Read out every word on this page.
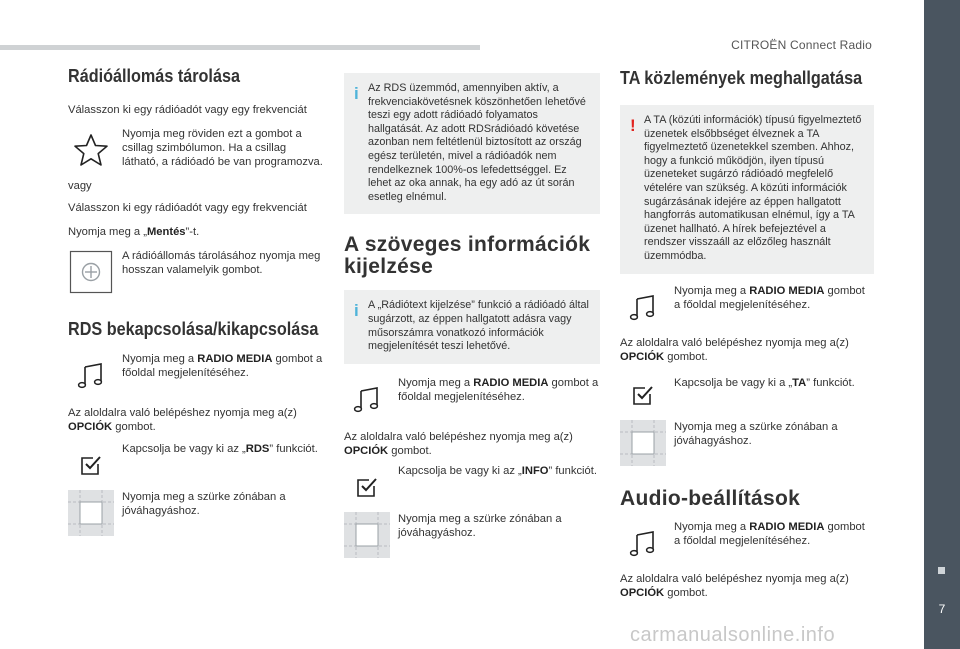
CITROËN Connect Radio
7
Rádióállomás tárolása

Válasszon ki egy rádióadót vagy egy frekvenciát

Nyomja meg röviden ezt a gombot a csillag szimbólumon. Ha a csillag látható, a rádióadó be van programozva.

vagy

Válasszon ki egy rádióadót vagy egy frekvenciát

Nyomja meg a „Mentés”-t.

A rádióállomás tárolásához nyomja meg hosszan valamelyik gombot.

RDS bekapcsolása/kikapcsolása

Nyomja meg a RADIO MEDIA gombot a főoldal megjelenítéséhez.

Az aloldalra való belépéshez nyomja meg a(z) OPCIÓK gombot.

Kapcsolja be vagy ki az „RDS” funkciót.

Nyomja meg a szürke zónában a jóváhagyáshoz.

i Az RDS üzemmód, amennyiben aktív, a frekvenciakövetésnek köszönhetően lehetővé teszi egy adott rádióadó folyamatos hallgatását. Az adott RDSrádióadó követése azonban nem feltétlenül biztosított az ország egész területén, mivel a rádióadók nem rendelkeznek 100%-os lefedettséggel. Ez lehet az oka annak, ha egy adó az út során esetleg elnémul.

A szöveges információk kijelzése
i A „Rádiótext kijelzése” funkció a rádióadó által sugárzott, az éppen hallgatott adásra vagy műsorszámra vonatkozó információk megjelenítését teszi lehetővé.

Nyomja meg a RADIO MEDIA gombot a főoldal megjelenítéséhez.

Az aloldalra való belépéshez nyomja meg a(z) OPCIÓK gombot.

Kapcsolja be vagy ki az „INFO” funkciót.

Nyomja meg a szürke zónában a jóváhagyáshoz.

TA közlemények meghallgatása
! A TA (közúti információk) típusú figyelmeztető üzenetek elsőbbséget élveznek a TA figyelmeztető üzenetekkel szemben. Ahhoz, hogy a funkció működjön, ilyen típusú üzeneteket sugárzó rádióadó megfelelő vételére van szükség. A közúti információk sugárzásának idejére az éppen hallgatott hangforrás automatikusan elnémul, így a TA üzenet hallható. A hírek befejeztével a rendszer visszaáll az előzőleg használt üzemmódba.

Nyomja meg a RADIO MEDIA gombot a főoldal megjelenítéséhez.

Az aloldalra való belépéshez nyomja meg a(z) OPCIÓK gombot.

Kapcsolja be vagy ki a „TA” funkciót.

Nyomja meg a szürke zónában a jóváhagyáshoz.

Audio-beállítások

Nyomja meg a RADIO MEDIA gombot a főoldal megjelenítéséhez.

Az aloldalra való belépéshez nyomja meg a(z) OPCIÓK gombot.

carmanualsonline.info
